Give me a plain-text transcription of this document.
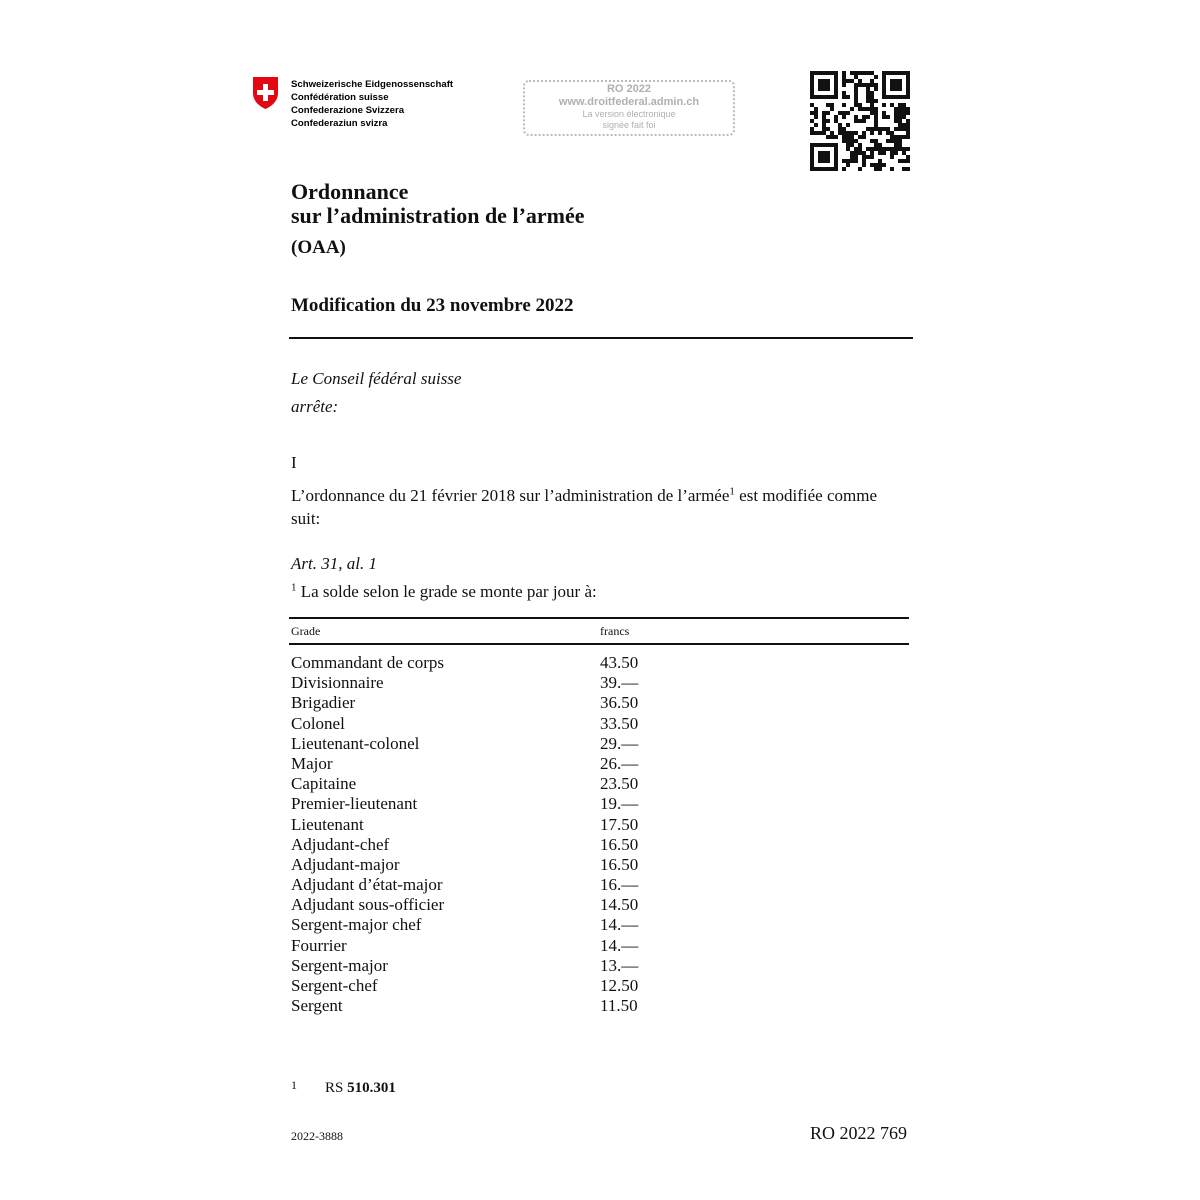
Schweizerische Eidgenossenschaft
Confédération suisse
Confederazione Svizzera
Confederaziun svizra
RO 2022
www.droitfederal.admin.ch
La version électronique
signée fait foi
Ordonnance
sur l’administration de l’armée
(OAA)
Modification du 23 novembre 2022
Le Conseil fédéral suisse
arrête:
I
L’ordonnance du 21 février 2018 sur l’administration de l’armée$^1$ est modifiée comme
suit:
Art. 31, al. 1
$^1$ La solde selon le grade se monte par jour à:
Grade	francs
Commandant de corps	43.50
Divisionnaire	39.—
Brigadier	36.50
Colonel	33.50
Lieutenant-colonel	29.—
Major	26.—
Capitaine	23.50
Premier-lieutenant	19.—
Lieutenant	17.50
Adjudant-chef	16.50
Adjudant-major	16.50
Adjudant d’état-major	16.—
Adjudant sous-officier	14.50
Sergent-major chef	14.—
Fourrier	14.—
Sergent-major	13.—
Sergent-chef	12.50
Sergent	11.50
1 RS 510.301
2022-3888	RO 2022 769
